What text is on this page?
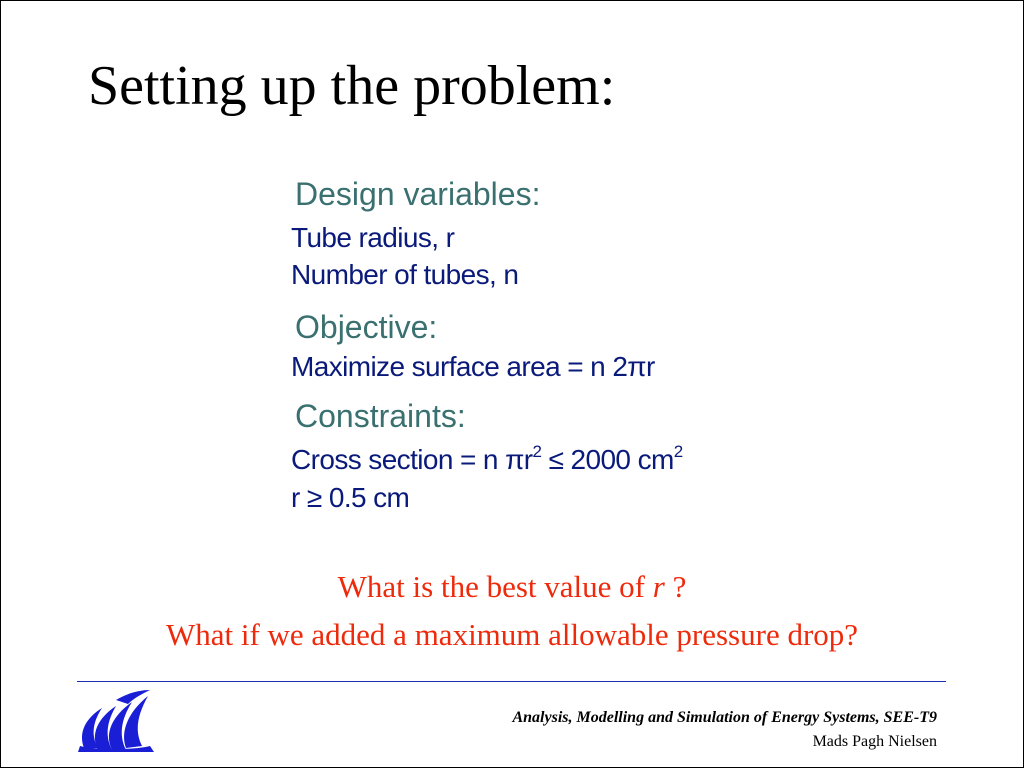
Setting up the problem:
Design variables:
Tube radius, r
Number of tubes, n
Objective:
Maximize surface area = n 2πr
Constraints:
Cross section = n $\pi r^2 \le 2000$ $cm^2$
r ≥ 0.5 cm
What is the best value of r ?
What if we added a maximum allowable pressure drop?
Analysis, Modelling and Simulation of Energy Systems, SEE-T9
Mads Pagh Nielsen
